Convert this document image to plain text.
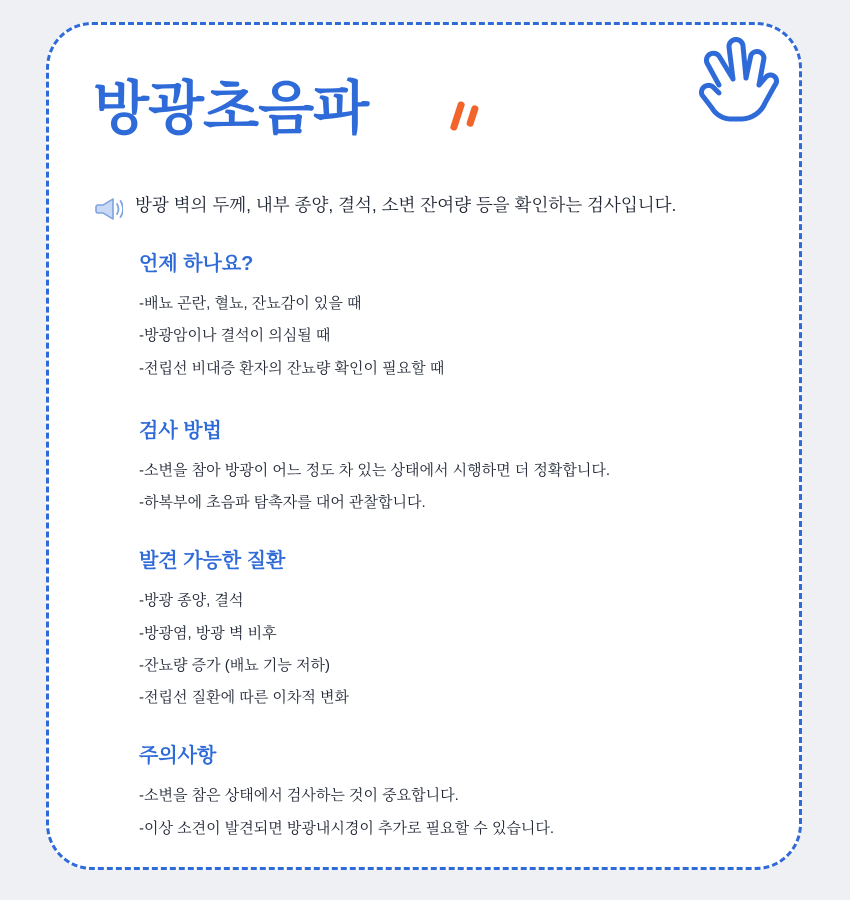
방광초음파
방광 벽의 두께, 내부 종양, 결석, 소변 잔여량 등을 확인하는 검사입니다.
언제 하나요?
-배뇨 곤란, 혈뇨, 잔뇨감이 있을 때
-방광암이나 결석이 의심될 때
-전립선 비대증 환자의 잔뇨량 확인이 필요할 때
검사 방법
-소변을 참아 방광이 어느 정도 차 있는 상태에서 시행하면 더 정확합니다.
-하복부에 초음파 탐촉자를 대어 관찰합니다.
발견 가능한 질환
-방광 종양, 결석
-방광염, 방광 벽 비후
-잔뇨량 증가 (배뇨 기능 저하)
-전립선 질환에 따른 이차적 변화
주의사항
-소변을 참은 상태에서 검사하는 것이 중요합니다.
-이상 소견이 발견되면 방광내시경이 추가로 필요할 수 있습니다.
